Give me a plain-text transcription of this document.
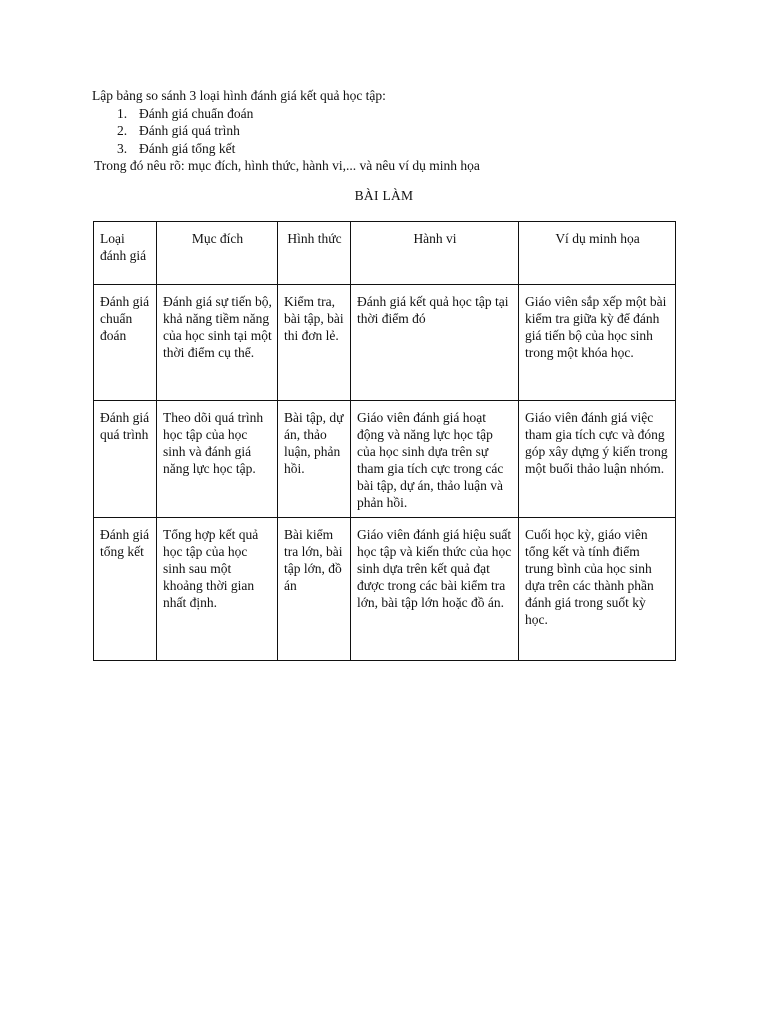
Lập bảng so sánh 3 loại hình đánh giá kết quả học tập:

1. Đánh giá chuẩn đoán
2. Đánh giá quá trình
3. Đánh giá tổng kết

Trong đó nêu rõ: mục đích, hình thức, hành vi,... và nêu ví dụ minh họa

BÀI LÀM
Loại đánh giá	Mục đích	Hình thức	Hành vi	Ví dụ minh họa
Đánh giá chuẩn đoán	Đánh giá sự tiến bộ, khả năng tiềm năng của học sinh tại một thời điểm cụ thể.	Kiểm tra, bài tập, bài thi đơn lẻ.	Đánh giá kết quả học tập tại thời điểm đó	Giáo viên sắp xếp một bài kiểm tra giữa kỳ để đánh giá tiến bộ của học sinh trong một khóa học.
Đánh giá quá trình	Theo dõi quá trình học tập của học sinh và đánh giá năng lực học tập.	Bài tập, dự án, thảo luận, phản hồi.	Giáo viên đánh giá hoạt động và năng lực học tập của học sinh dựa trên sự tham gia tích cực trong các bài tập, dự án, thảo luận và phản hồi.	Giáo viên đánh giá việc tham gia tích cực và đóng góp xây dựng ý kiến trong một buổi thảo luận nhóm.
Đánh giá tổng kết	Tổng hợp kết quả học tập của học sinh sau một khoảng thời gian nhất định.	Bài kiểm tra lớn, bài tập lớn, đồ án	Giáo viên đánh giá hiệu suất học tập và kiến thức của học sinh dựa trên kết quả đạt được trong các bài kiểm tra lớn, bài tập lớn hoặc đồ án.	Cuối học kỳ, giáo viên tổng kết và tính điểm trung bình của học sinh dựa trên các thành phần đánh giá trong suốt kỳ học.
